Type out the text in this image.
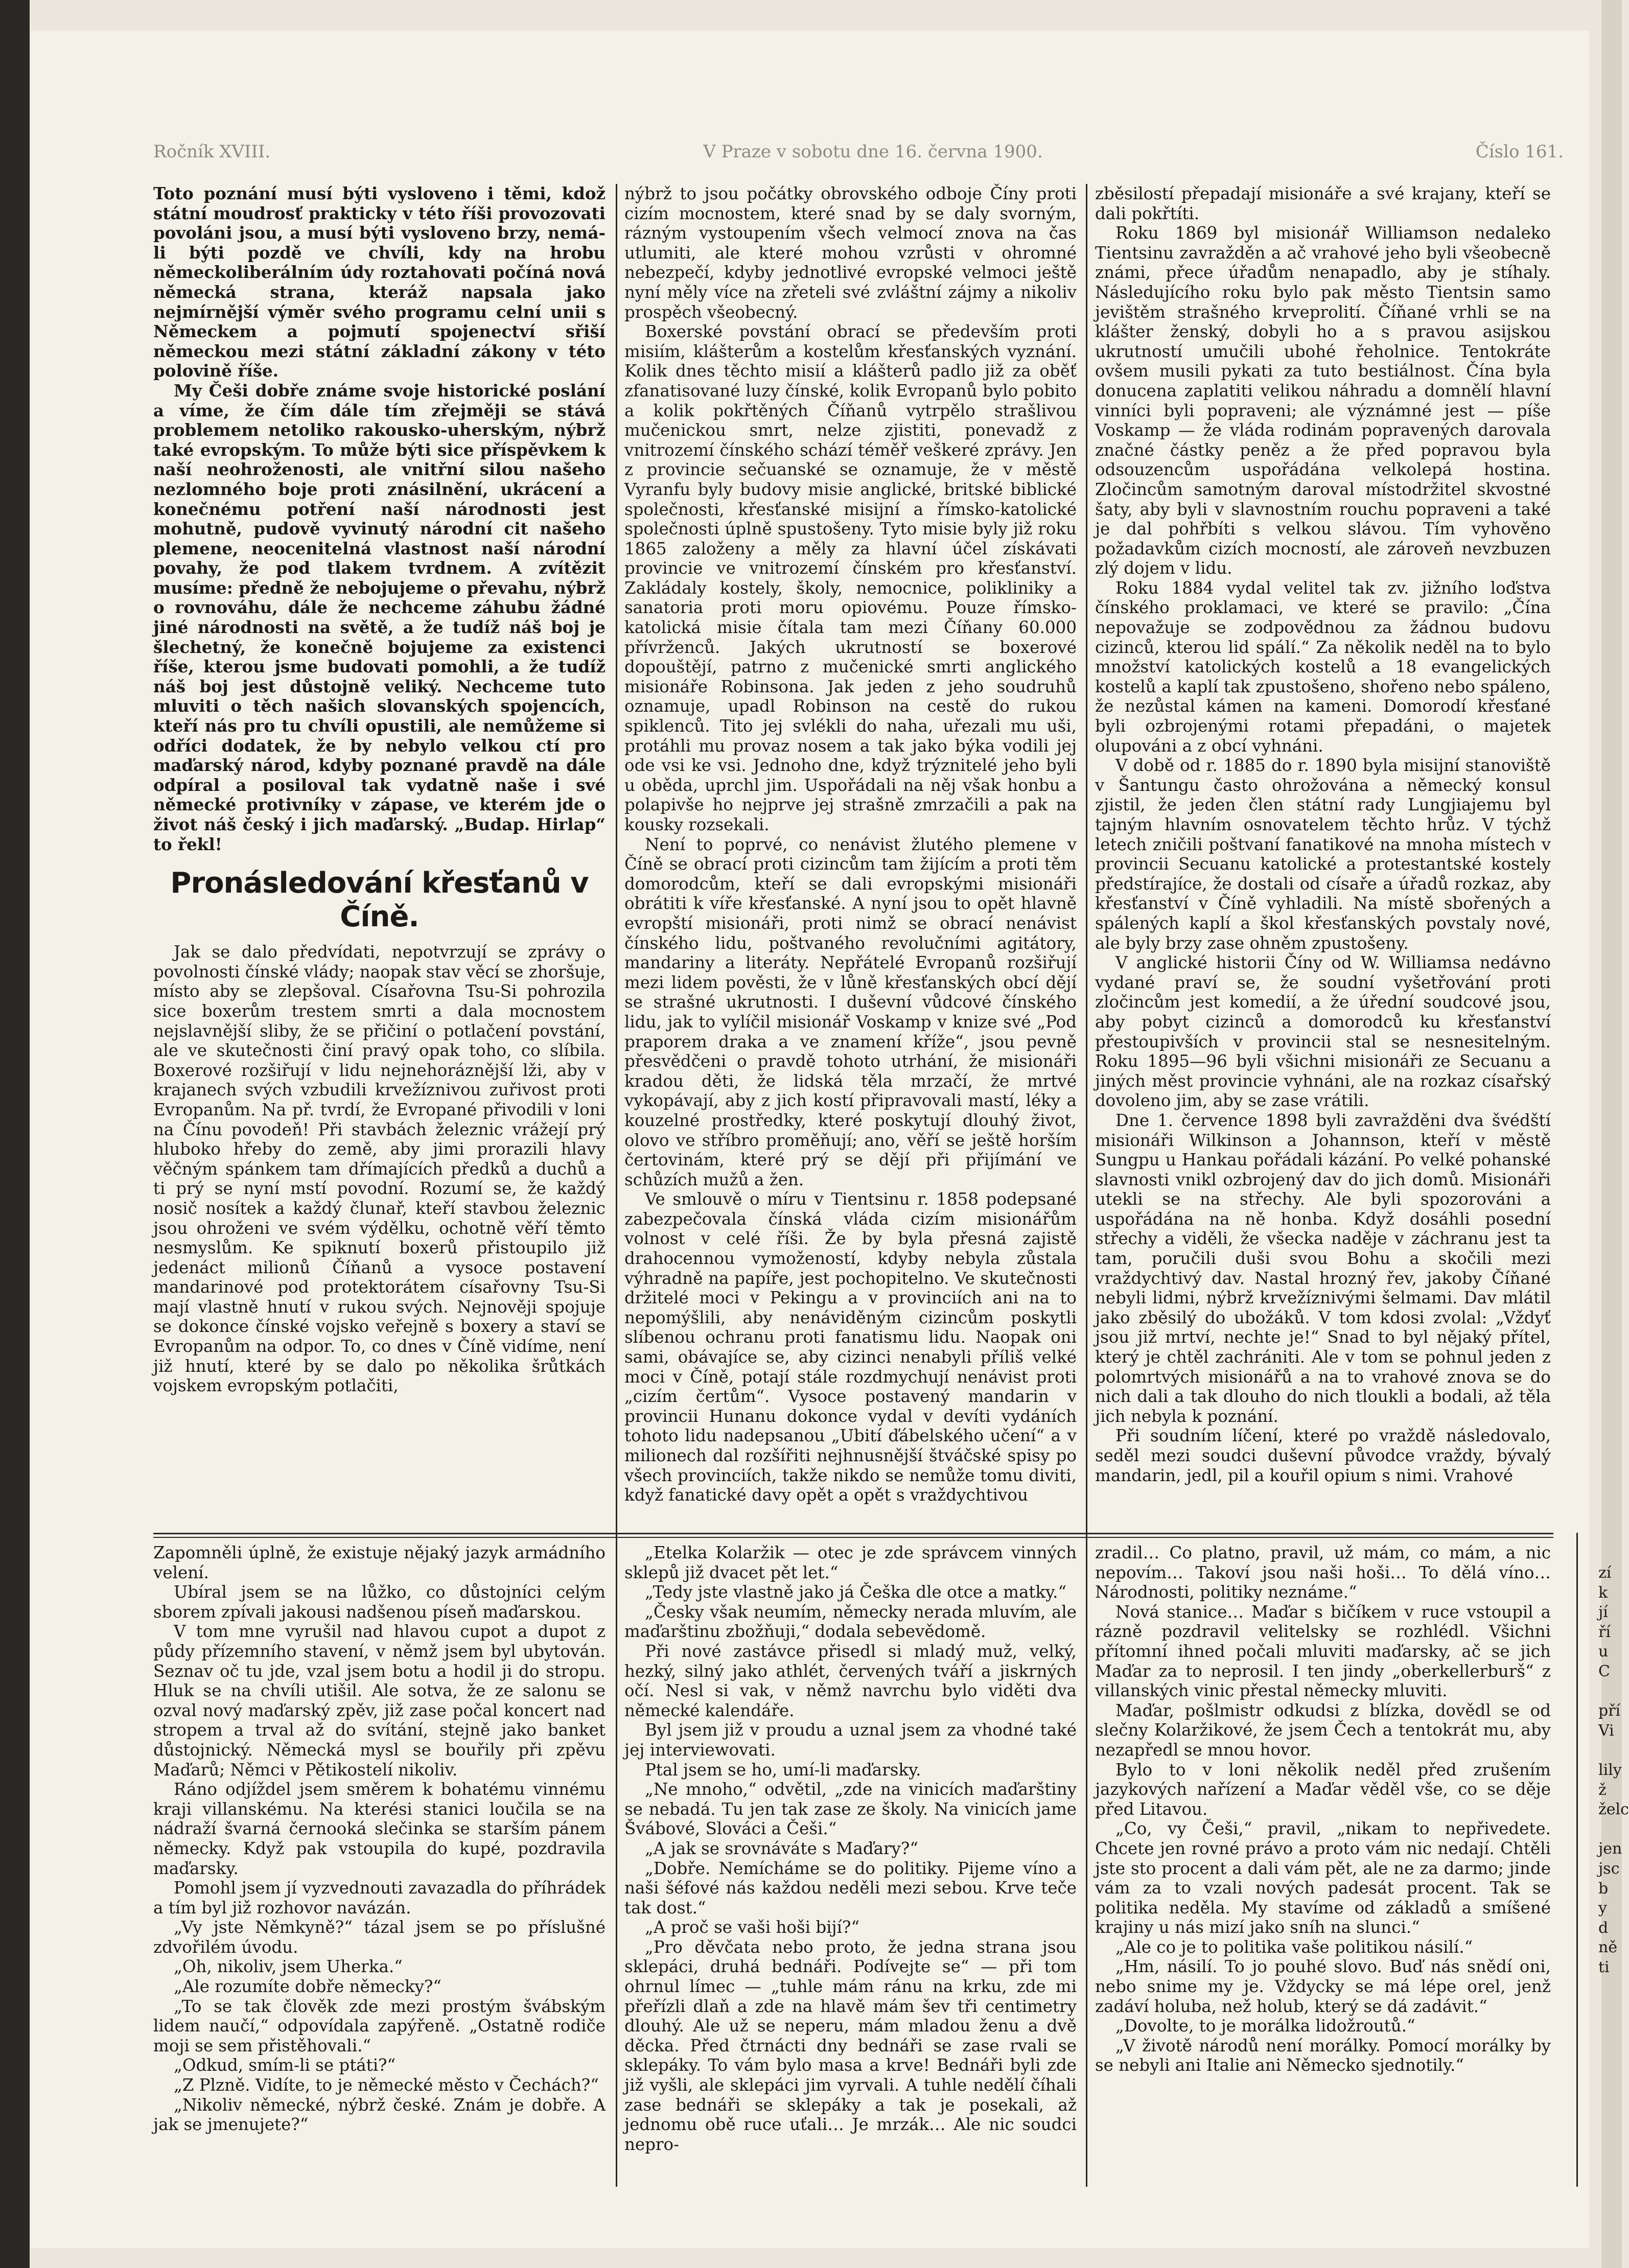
Ročník XVIII.	V Praze v sobotu dne 16. června 1900.	Číslo 161.

Toto poznání musí býti vysloveno i těmi, kdož státní moudrosť prakticky v této říši provozovati povoláni jsou, a musí býti vysloveno brzy, nemá-li býti pozdě ve chvíli, kdy na hrobu německoliberálním údy roztahovati počíná nová německá strana, kteráž napsala jako nejmírnější výměr svého programu celní unii s Německem a pojmutí spojenectví sřiší německou mezi státní základní zákony v této polovině říše.

My Češi dobře známe svoje historické poslání a víme, že čím dále tím zřejměji se stává problemem netoliko rakousko-uherským, nýbrž také evropským. To může býti sice příspěvkem k naší neohroženosti, ale vnitřní silou našeho nezlomného boje proti znásilnění, ukrácení a konečnému potření naší národnosti jest mohutně, pudově vyvinutý národní cit našeho plemene, neocenitelná vlastnost naší národní povahy, že pod tlakem tvrdnem. A zvítězit musíme: předně že nebojujeme o převahu, nýbrž o rovnováhu, dále že nechceme záhubu žádné jiné národnosti na světě, a že tudíž náš boj je šlechetný, že konečně bojujeme za existenci říše, kterou jsme budovati pomohli, a že tudíž náš boj jest důstojně veliký. Nechceme tuto mluviti o těch našich slovanských spojencích, kteří nás pro tu chvíli opustili, ale nemůžeme si odříci dodatek, že by nebylo velkou ctí pro maďarský národ, kdyby poznané pravdě na dále odpíral a posiloval tak vydatně naše i své německé protivníky v zápase, ve kterém jde o život náš český i jich maďarský. „Budap. Hirlap“ to řekl!

Pronásledování křesťanů v Číně.

Jak se dalo předvídati, nepotvrzují se zprávy o povolnosti čínské vlády; naopak stav věcí se zhoršuje, místo aby se zlepšoval. Císařovna Tsu-Si pohrozila sice boxerům trestem smrti a dala mocnostem nejslavnější sliby, že se přičiní o potlačení povstání, ale ve skutečnosti činí pravý opak toho, co slíbila. Boxerové rozšiřují v lidu nejnehoráznější lži, aby v krajanech svých vzbudili krvežíznivou zuřivost proti Evropanům. Na př. tvrdí, že Evropané přivodili v loni na Čínu povodeň! Při stavbách železnic vrážejí prý hluboko hřeby do země, aby jimi prorazili hlavy věčným spánkem tam dřímajících předků a duchů a ti prý se nyní mstí povodní. Rozumí se, že každý nosič nosítek a každý člunař, kteří stavbou železnic jsou ohroženi ve svém výdělku, ochotně věří těmto nesmyslům. Ke spiknutí boxerů přistoupilo již jedenáct milionů Číňanů a vysoce postavení mandarinové pod protektorátem císařovny Tsu-Si mají vlastně hnutí v rukou svých. Nejnověji spojuje se dokonce čínské vojsko veřejně s boxery a staví se Evropanům na odpor. To, co dnes v Číně vidíme, není již hnutí, které by se dalo po několika šrůtkách vojskem evropským potlačiti,

nýbrž to jsou počátky obrovského odboje Číny proti cizím mocnostem, které snad by se daly svorným, rázným vystoupením všech velmocí znova na čas utlumiti, ale které mohou vzrůsti v ohromné nebezpečí, kdyby jednotlivé evropské velmoci ještě nyní měly více na zřeteli své zvláštní zájmy a nikoliv prospěch všeobecný.

Boxerské povstání obrací se především proti misiím, klášterům a kostelům křesťanských vyznání. Kolik dnes těchto misií a klášterů padlo již za oběť zfanatisované luzy čínské, kolik Evropanů bylo pobito a kolik pokřtěných Číňanů vytrpělo strašlivou mučenickou smrt, nelze zjistiti, ponevadž z vnitrozemí čínského schází téměř veškeré zprávy. Jen z provincie sečuanské se oznamuje, že v městě Vyranfu byly budovy misie anglické, britské biblické společnosti, křesťanské misijní a římsko-katolické společnosti úplně spustošeny. Tyto misie byly již roku 1865 založeny a měly za hlavní účel získávati provincie ve vnitrozemí čínském pro křesťanství. Zakládaly kostely, školy, nemocnice, polikliniky a sanatoria proti moru opiovému. Pouze římsko-katolická misie čítala tam mezi Číňany 60.000 přívrženců. Jakých ukrutností se boxerové dopouštějí, patrno z mučenické smrti anglického misionáře Robinsona. Jak jeden z jeho soudruhů oznamuje, upadl Robinson na cestě do rukou spiklenců. Tito jej svlékli do naha, uřezali mu uši, protáhli mu provaz nosem a tak jako býka vodili jej ode vsi ke vsi. Jednoho dne, když trýznitelé jeho byli u oběda, uprchl jim. Uspořádali na něj však honbu a polapivše ho nejprve jej strašně zmrzačili a pak na kousky rozsekali.

Není to poprvé, co nenávist žlutého plemene v Číně se obrací proti cizincům tam žijícím a proti těm domorodcům, kteří se dali evropskými misionáři obrátiti k víře křesťanské. A nyní jsou to opět hlavně evropští misionáři, proti nimž se obrací nenávist čínského lidu, poštvaného revolučními agitátory, mandariny a literáty. Nepřátelé Evropanů rozšiřují mezi lidem pověsti, že v lůně křesťanských obcí dějí se strašné ukrutnosti. I duševní vůdcové čínského lidu, jak to vylíčil misionář Voskamp v knize své „Pod praporem draka a ve znamení kříže“, jsou pevně přesvědčeni o pravdě tohoto utrhání, že misionáři kradou děti, že lidská těla mrzačí, že mrtvé vykopávají, aby z jich kostí připravovali mastí, léky a kouzelné prostředky, které poskytují dlouhý život, olovo ve stříbro proměňují; ano, věří se ještě horším čertovinám, které prý se dějí při přijímání ve schůzích mužů a žen.

Ve smlouvě o míru v Tientsinu r. 1858 podepsané zabezpečovala čínská vláda cizím misionářům volnost v celé říši. Že by byla přesná zajistě drahocennou vymožeností, kdyby nebyla zůstala výhradně na papíře, jest pochopitelno. Ve skutečnosti držitelé moci v Pekingu a v provinciích ani na to nepomýšlili, aby nenáviděným cizincům poskytli slíbenou ochranu proti fanatismu lidu. Naopak oni sami, obávajíce se, aby cizinci nenabyli příliš velké moci v Číně, potají stále rozdmychují nenávist proti „cizím čertům“. Vysoce postavený mandarin v provincii Hunanu dokonce vydal v devíti vydáních tohoto lidu nadepsanou „Ubití ďábelského učení“ a v milionech dal rozšířiti nejhnusnější štváčské spisy po všech provinciích, takže nikdo se nemůže tomu diviti, když fanatické davy opět a opět s vraždychtivou

zběsilostí přepadají misionáře a své krajany, kteří se dali pokřtíti.

Roku 1869 byl misionář Williamson nedaleko Tientsinu zavražděn a ač vrahové jeho byli všeobecně známi, přece úřadům nenapadlo, aby je stíhaly. Následujícího roku bylo pak město Tientsin samo jevištěm strašného krveprolití. Číňané vrhli se na klášter ženský, dobyli ho a s pravou asijskou ukrutností umučili ubohé řeholnice. Tentokráte ovšem musili pykati za tuto bestiálnost. Čína byla donucena zaplatiti velikou náhradu a domnělí hlavní vinníci byli popraveni; ale význámné jest — píše Voskamp — že vláda rodinám popravených darovala značné částky peněz a že před popravou byla odsouzencům uspořádána velkolepá hostina. Zločincům samotným daroval místodržitel skvostné šaty, aby byli v slavnostním rouchu popraveni a také je dal pohřbíti s velkou slávou. Tím vyhověno požadavkům cizích mocností, ale zároveň nevzbuzen zlý dojem v lidu.

Roku 1884 vydal velitel tak zv. jižního loďstva čínského proklamaci, ve které se pravilo: „Čína nepovažuje se zodpovědnou za žádnou budovu cizinců, kterou lid spálí.“ Za několik neděl na to bylo množství katolických kostelů a 18 evangelických kostelů a kaplí tak zpustošeno, shořeno nebo spáleno, že nezůstal kámen na kameni. Domorodí křesťané byli ozbrojenými rotami přepadáni, o majetek olupováni a z obcí vyhnáni.

V době od r. 1885 do r. 1890 byla misijní stanoviště v Šantungu často ohrožována a německý konsul zjistil, že jeden člen státní rady Lungjiajemu byl tajným hlavním osnovatelem těchto hrůz. V týchž letech zničili poštvaní fanatikové na mnoha místech v provincii Secuanu katolické a protestantské kostely předstírajíce, že dostali od císaře a úřadů rozkaz, aby křesťanství v Číně vyhladili. Na místě sbořených a spálených kaplí a škol křesťanských povstaly nové, ale byly brzy zase ohněm zpustošeny.

V anglické historii Číny od W. Williamsa nedávno vydané praví se, že soudní vyšetřování proti zločincům jest komedií, a že úřední soudcové jsou, aby pobyt cizinců a domorodců ku křesťanství přestoupivších v provincii stal se nesnesitelným. Roku 1895—96 byli všichni misionáři ze Secuanu a jiných měst provincie vyhnáni, ale na rozkaz císařský dovoleno jim, aby se zase vrátili.

Dne 1. července 1898 byli zavražděni dva švédští misionáři Wilkinson a Johannson, kteří v městě Sungpu u Hankau pořádali kázání. Po velké pohanské slavnosti vnikl ozbrojený dav do jich domů. Misionáři utekli se na střechy. Ale byli spozorováni a uspořádána na ně honba. Když dosáhli posední střechy a viděli, že všecka naděje v záchranu jest ta tam, poručili duši svou Bohu a skočili mezi vraždychtivý dav. Nastal hrozný řev, jakoby Číňané nebyli lidmi, nýbrž krvežíznivými šelmami. Dav mlátil jako zběsilý do ubožáků. V tom kdosi zvolal: „Vždyť jsou již mrtví, nechte je!“ Snad to byl nějaký přítel, který je chtěl zachrániti. Ale v tom se pohnul jeden z polomrtvých misionářů a na to vrahové znova se do nich dali a tak dlouho do nich tloukli a bodali, až těla jich nebyla k poznání.

Při soudním líčení, které po vraždě následovalo, seděl mezi soudci duševní původce vraždy, bývalý mandarin, jedl, pil a kouřil opium s nimi. Vrahové

Zapomněli úplně, že existuje nějaký jazyk armádního velení.

Ubíral jsem se na lůžko, co důstojníci celým sborem zpívali jakousi nadšenou píseň maďarskou.

V tom mne vyrušil nad hlavou cupot a dupot z půdy přízemního stavení, v němž jsem byl ubytován. Seznav oč tu jde, vzal jsem botu a hodil ji do stropu. Hluk se na chvíli utišil. Ale sotva, že ze salonu se ozval nový maďarský zpěv, již zase počal koncert nad stropem a trval až do svítání, stejně jako banket důstojnický. Německá mysl se bouřily při zpěvu Maďarů; Němci v Pětikostelí nikoliv.

Ráno odjíždel jsem směrem k bohatému vinnému kraji villanskému. Na kterési stanici loučila se na nádraží švarná černooká slečinka se starším pánem německy. Když pak vstoupila do kupé, pozdravila maďarsky.

Pomohl jsem jí vyzvednouti zavazadla do příhrádek a tím byl již rozhovor navázán.

„Vy jste Němkyně?“ tázal jsem se po příslušné zdvořilém úvodu.

„Oh, nikoliv, jsem Uherka.“

„Ale rozumíte dobře německy?“

„To se tak člověk zde mezi prostým švábským lidem naučí,“ odpovídala zapýřeně. „Ostatně rodiče moji se sem přistěhovali.“

„Odkud, smím-li se ptáti?“

„Z Plzně. Vidíte, to je německé město v Čechách?“

„Nikoliv německé, nýbrž české. Znám je dobře. A jak se jmenujete?“

„Etelka Kolaržik — otec je zde správcem vinných sklepů již dvacet pět let.“

„Tedy jste vlastně jako já Češka dle otce a matky.“

„Česky však neumím, německy nerada mluvím, ale maďarštinu zbožňuji,“ dodala sebevědomě.

Při nové zastávce přisedl si mladý muž, velký, hezký, silný jako athlét, červených tváří a jiskrných očí. Nesl si vak, v němž navrchu bylo viděti dva německé kalendáře.

Byl jsem již v proudu a uznal jsem za vhodné také jej interviewovati.

Ptal jsem se ho, umí-li maďarsky.

„Ne mnoho,“ odvětil, „zde na vinicích maďarštiny se nebadá. Tu jen tak zase ze školy. Na vinicích jame Švábové, Slováci a Češi.“

„A jak se srovnáváte s Maďary?“

„Dobře. Nemícháme se do politiky. Pijeme víno a naši šéfové nás každou neděli mezi sebou. Krve teče tak dost.“

„A proč se vaši hoši bijí?“

„Pro děvčata nebo proto, že jedna strana jsou sklepáci, druhá bednáři. Podívejte se“ — při tom ohrnul límec — „tuhle mám ránu na krku, zde mi přeřízli dlaň a zde na hlavě mám šev tři centimetry dlouhý. Ale už se neperu, mám mladou ženu a dvě děcka. Před čtrnácti dny bednáři se zase rvali se sklepáky. To vám bylo masa a krve! Bednáři byli zde již vyšli, ale sklepáci jim vyrvali. A tuhle nedělí číhali zase bednáři se sklepáky a tak je posekali, až jednomu obě ruce uťali… Je mrzák… Ale nic soudci nepro-

zradil… Co platno, pravil, už mám, co mám, a nic nepovím… Takoví jsou naši hoši… To dělá víno… Národnosti, politiky neznáme.“

Nová stanice… Maďar s bičíkem v ruce vstoupil a rázně pozdravil velitelsky se rozhlédl. Všichni přítomní ihned počali mluviti maďarsky, ač se jich Maďar za to neprosil. I ten jindy „oberkellerburš“ z villanských vinic přestal německy mluviti.

Maďar, pošlmistr odkudsi z blízka, dovědl se od slečny Kolaržikové, že jsem Čech a tentokrát mu, aby nezapředl se mnou hovor.

Bylo to v loni několik neděl před zrušením jazykových nařízení a Maďar věděl vše, co se děje před Litavou.

„Co, vy Češi,“ pravil, „nikam to nepřivedete. Chcete jen rovné právo a proto vám nic nedají. Chtěli jste sto procent a dali vám pět, ale ne za darmo; jinde vám za to vzali nových padesát procent. Tak se politika neděla. My stavíme od základů a smíšené krajiny u nás mizí jako sníh na slunci.“

„Ale co je to politika vaše politikou násilí.“

„Hm, násilí. To jo pouhé slovo. Buď nás snědí oni, nebo snime my je. Vždycky se má lépe orel, jenž zadáví holuba, než holub, který se dá zadávit.“

„Dovolte, to je morálka lidožroutů.“

„V životě národů není morálky. Pomocí morálky by se nebyli ani Italie ani Německo sjednotily.“

zí
k
jí
ří
u
C

pří
Vi

lily
ž
želc

jen
jsc
b
y
d
ně
ti
